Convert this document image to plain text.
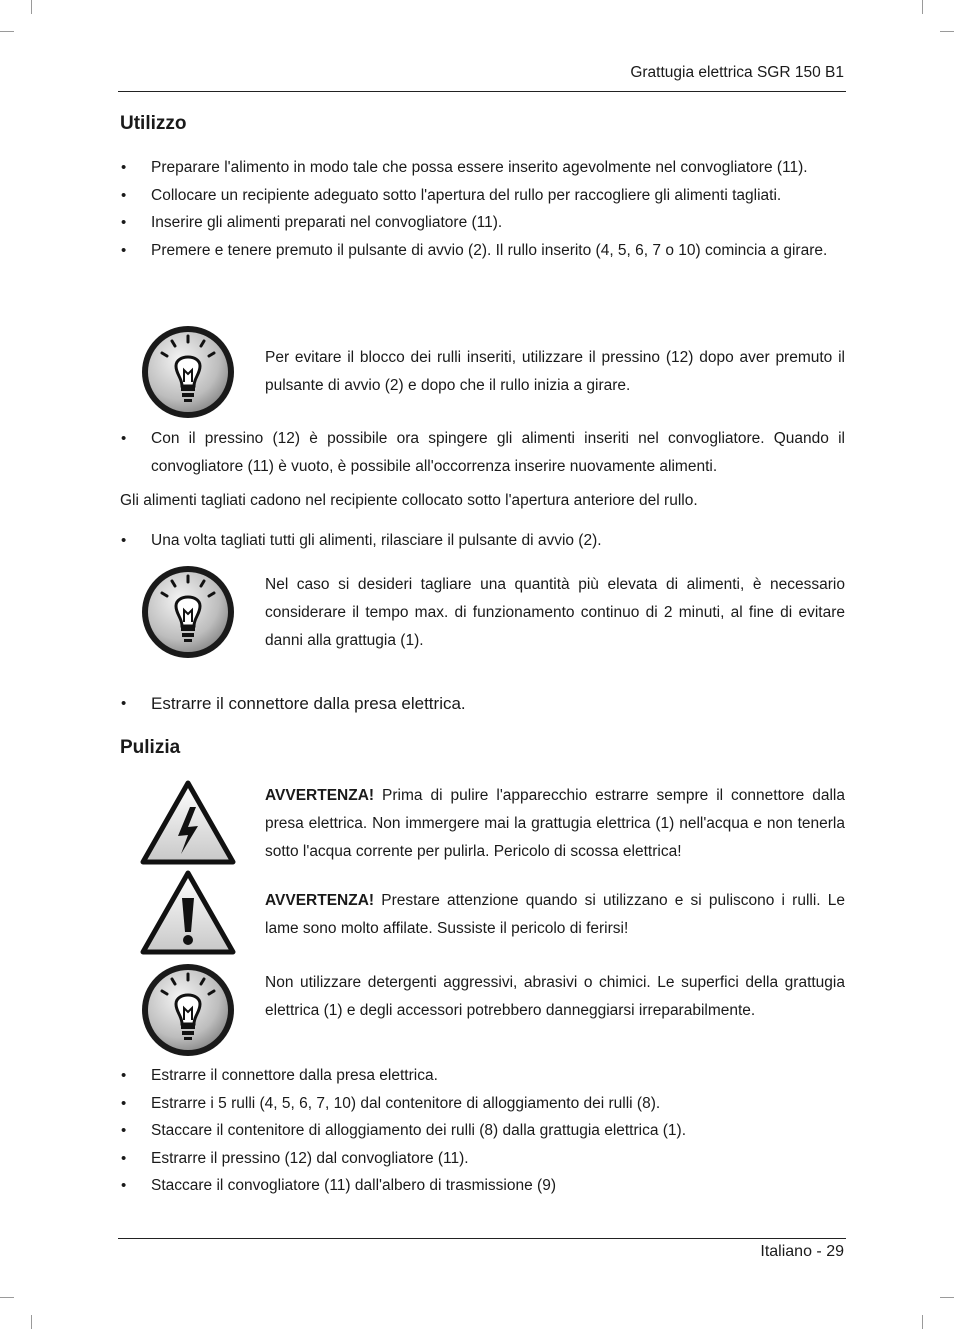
Grattugia elettrica SGR 150 B1
Utilizzo
• Preparare l'alimento in modo tale che possa essere inserito agevolmente nel convogliatore (11).
• Collocare un recipiente adeguato sotto l'apertura del rullo per raccogliere gli alimenti tagliati.
• Inserire gli alimenti preparati nel convogliatore (11).
• Premere e tenere premuto il pulsante di avvio (2). Il rullo inserito (4, 5, 6, 7 o 10) comincia a girare.
Per evitare il blocco dei rulli inseriti, utilizzare il pressino (12) dopo aver premuto il pulsante di avvio (2) e dopo che il rullo inizia a girare.
• Con il pressino (12) è possibile ora spingere gli alimenti inseriti nel convogliatore. Quando il convogliatore (11) è vuoto, è possibile all'occorrenza inserire nuovamente alimenti.
Gli alimenti tagliati cadono nel recipiente collocato sotto l'apertura anteriore del rullo.
• Una volta tagliati tutti gli alimenti, rilasciare il pulsante di avvio (2).
Nel caso si desideri tagliare una quantità più elevata di alimenti, è necessario considerare il tempo max. di funzionamento continuo di 2 minuti, al fine di evitare danni alla grattugia (1).
• Estrarre il connettore dalla presa elettrica.
Pulizia
AVVERTENZA! Prima di pulire l'apparecchio estrarre sempre il connettore dalla presa elettrica. Non immergere mai la grattugia elettrica (1) nell'acqua e non tenerla sotto l'acqua corrente per pulirla. Pericolo di scossa elettrica!
AVVERTENZA! Prestare attenzione quando si utilizzano e si puliscono i rulli. Le lame sono molto affilate. Sussiste il pericolo di ferirsi!
Non utilizzare detergenti aggressivi, abrasivi o chimici. Le superfici della grattugia elettrica (1) e degli accessori potrebbero danneggiarsi irreparabilmente.
• Estrarre il connettore dalla presa elettrica.
• Estrarre i 5 rulli (4, 5, 6, 7, 10) dal contenitore di alloggiamento dei rulli (8).
• Staccare il contenitore di alloggiamento dei rulli (8) dalla grattugia elettrica (1).
• Estrarre il pressino (12) dal convogliatore (11).
• Staccare il convogliatore (11) dall'albero di trasmissione (9)
Italiano - 29
